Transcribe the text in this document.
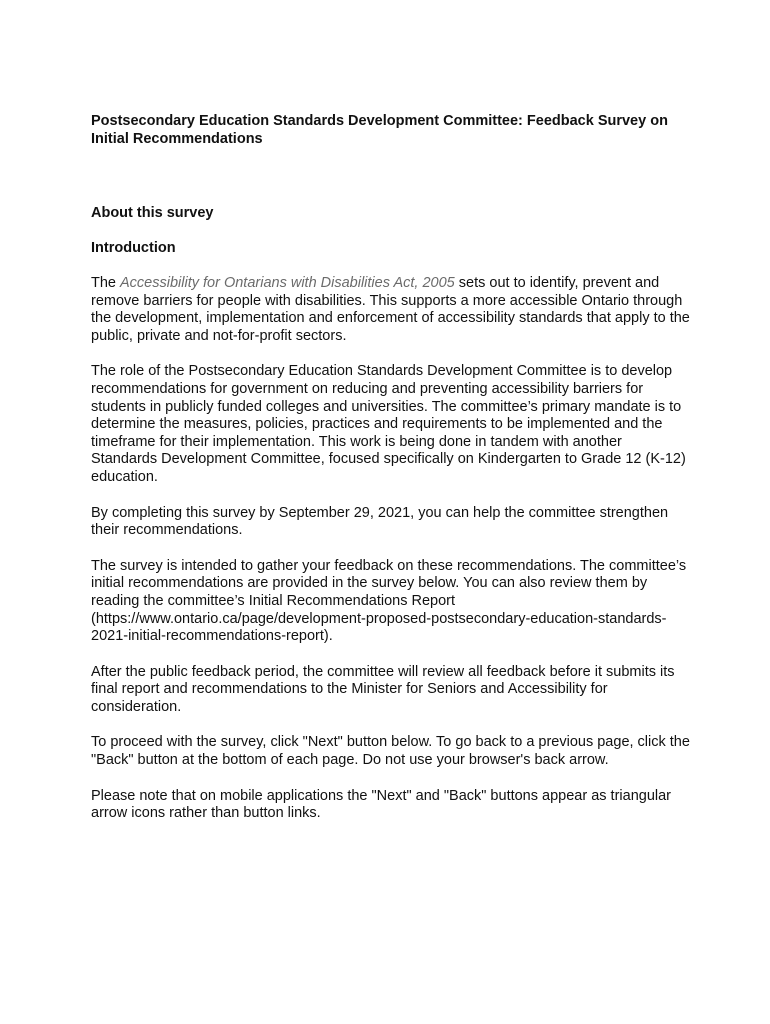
Postsecondary Education Standards Development Committee: Feedback Survey on Initial Recommendations
About this survey
Introduction

The Accessibility for Ontarians with Disabilities Act, 2005 sets out to identify, prevent and remove barriers for people with disabilities. This supports a more accessible Ontario through the development, implementation and enforcement of accessibility standards that apply to the public, private and not-for-profit sectors.

The role of the Postsecondary Education Standards Development Committee is to develop recommendations for government on reducing and preventing accessibility barriers for students in publicly funded colleges and universities. The committee’s primary mandate is to determine the measures, policies, practices and requirements to be implemented and the timeframe for their implementation. This work is being done in tandem with another Standards Development Committee, focused specifically on Kindergarten to Grade 12 (K-12) education.

By completing this survey by September 29, 2021, you can help the committee strengthen their recommendations.

The survey is intended to gather your feedback on these recommendations. The committee’s initial recommendations are provided in the survey below. You can also review them by reading the committee’s Initial Recommendations Report (https://www.ontario.ca/page/development-proposed-postsecondary-education-standards-2021-initial-recommendations-report).

After the public feedback period, the committee will review all feedback before it submits its final report and recommendations to the Minister for Seniors and Accessibility for consideration.

To proceed with the survey, click "Next" button below. To go back to a previous page, click the "Back" button at the bottom of each page. Do not use your browser's back arrow.

Please note that on mobile applications the "Next" and "Back" buttons appear as triangular arrow icons rather than button links.
